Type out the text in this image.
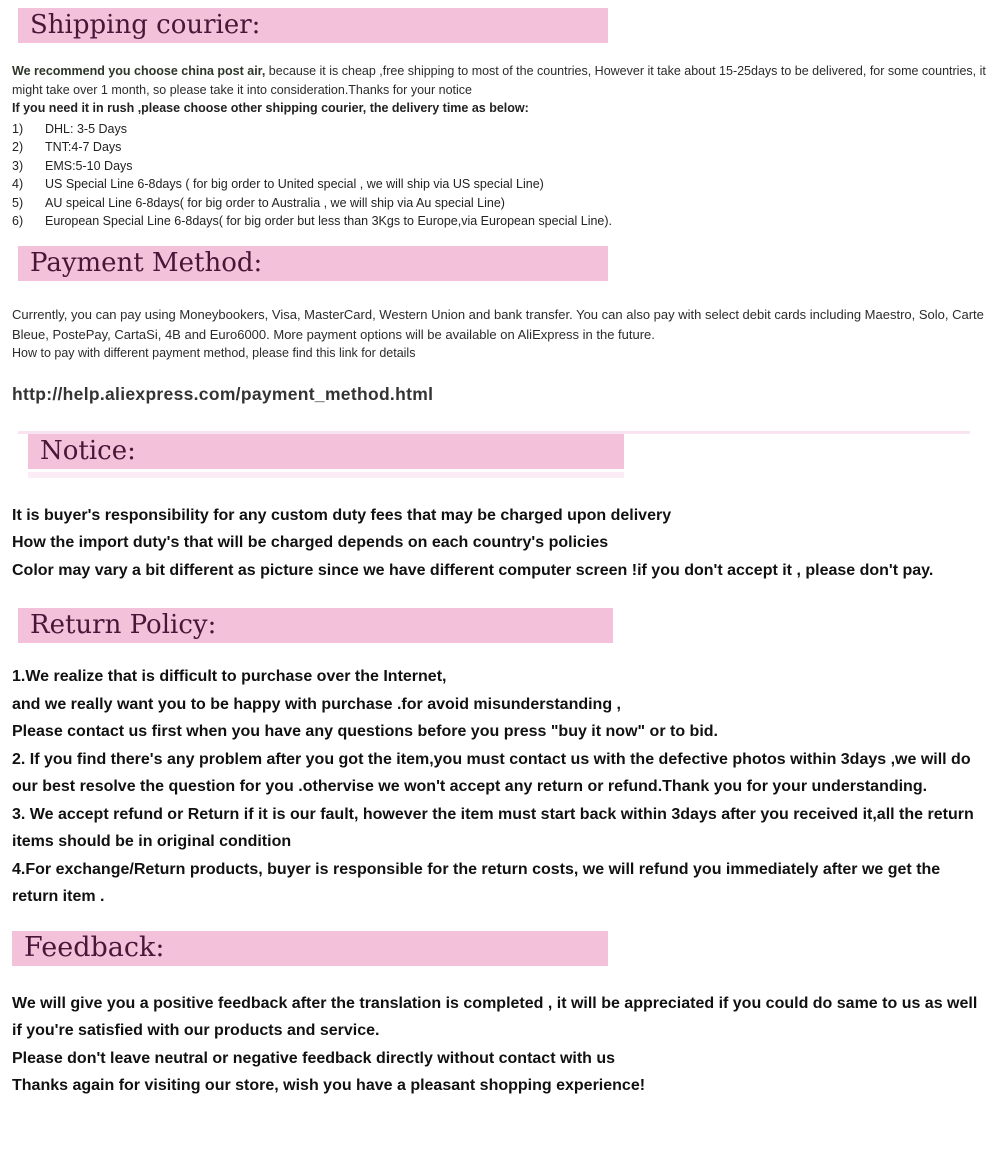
Shipping courier:

We recommend you choose china post air, because it is cheap ,free shipping to most of the countries, However it take about 15-25days to be delivered, for some countries, it might take over 1 month, so please take it into consideration.Thanks for your notice

If you need it in rush ,please choose other shipping courier, the delivery time as below:

1)	DHL: 3-5 Days
2)	TNT:4-7 Days
3)	EMS:5-10 Days
4)	US Special Line 6-8days ( for big order to United special , we will ship via US special Line)
5)	AU speical Line 6-8days( for big order to Australia , we will ship via Au special Line)
6)	European Special Line 6-8days( for big order but less than 3Kgs to Europe,via European special Line).
Payment Method:

Currently, you can pay using Moneybookers, Visa, MasterCard, Western Union and bank transfer. You can also pay with select debit cards including Maestro, Solo, Carte Bleue, PostePay, CartaSi, 4B and Euro6000. More payment options will be available on AliExpress in the future.

How to pay with different payment method, please find this link for details

http://help.aliexpress.com/payment_method.html
Notice:

It is buyer's responsibility for any custom duty fees that may be charged upon delivery

How the import duty's that will be charged depends on each country's policies

Color may vary a bit different as picture since we have different computer screen !if you don't accept it , please don't pay.

Return Policy:

1.We realize that is difficult to purchase over the Internet,

and we really want you to be happy with purchase .for avoid misunderstanding ,

Please contact us first when you have any questions before you press "buy it now" or to bid.

2. If you find there's any problem after you got the item,you must contact us with the defective photos within 3days ,we will do our best resolve the question for you .othervise we won't accept any return or refund.Thank you for your understanding.

3. We accept refund or Return if it is our fault, however the item must start back within 3days after you received it,all the return items should be in original condition

4.For exchange/Return products, buyer is responsible for the return costs, we will refund you immediately after we get the return item .

Feedback:

We will give you a positive feedback after the translation is completed , it will be appreciated if you could do same to us as well if you're satisfied with our products and service.

Please don't leave neutral or negative feedback directly without contact with us

Thanks again for visiting our store, wish you have a pleasant shopping experience!
